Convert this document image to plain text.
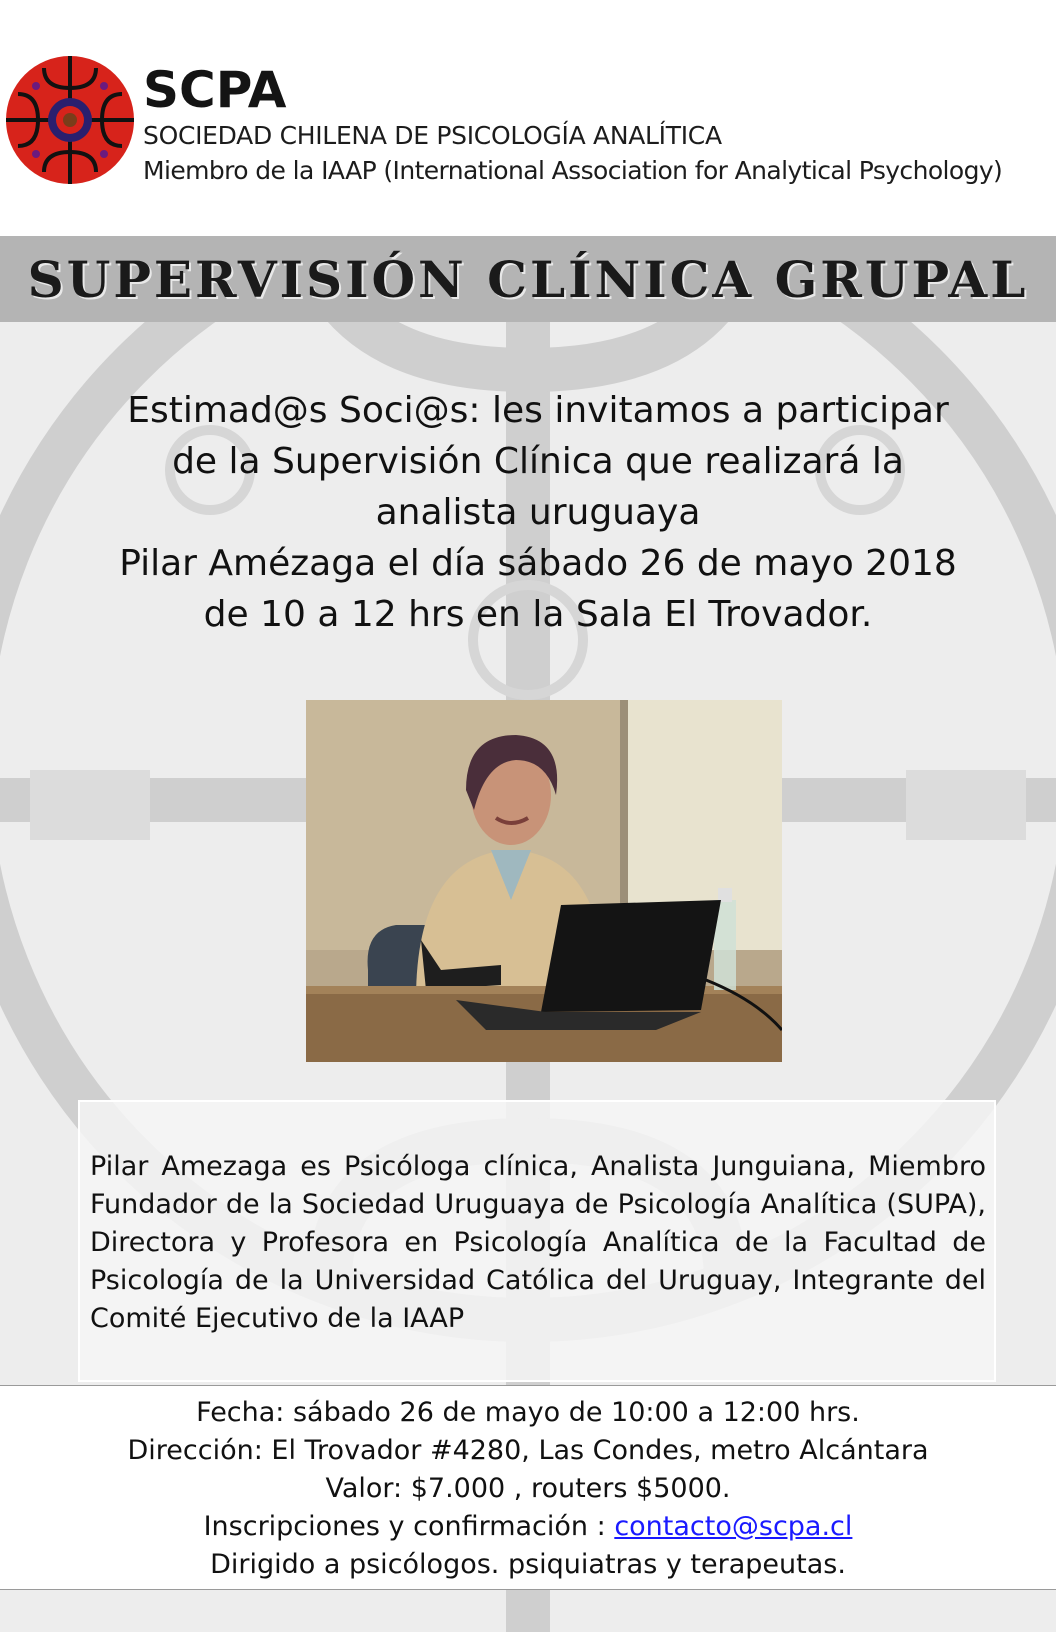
SCPA
SOCIEDAD CHILENA DE PSICOLOGÍA ANALÍTICA
Miembro de la IAAP (International Association for Analytical Psychology)
SUPERVISIÓN CLÍNICA GRUPAL

Estimad@s Soci@s: les invitamos a participar

de la Supervisión Clínica que realizará la

analista uruguaya

Pilar Amézaga el día sábado 26 de mayo 2018

de 10 a 12 hrs en la Sala El Trovador.

Pilar Amezaga es Psicóloga clínica, Analista Junguiana, Miembro Fundador de la Sociedad Uruguaya de Psicología Analítica (SUPA), Directora y Profesora en Psicología Analítica de la Facultad de Psicología de la Universidad Católica del Uruguay, Integrante del Comité Ejecutivo de la IAAP
Fecha: sábado 26 de mayo de 10:00 a 12:00 hrs.
Dirección: El Trovador #4280, Las Condes, metro Alcántara
Valor: $7.000 , routers $5000.
Inscripciones y confirmación : contacto@scpa.cl
Dirigido a psicólogos. psiquiatras y terapeutas.
